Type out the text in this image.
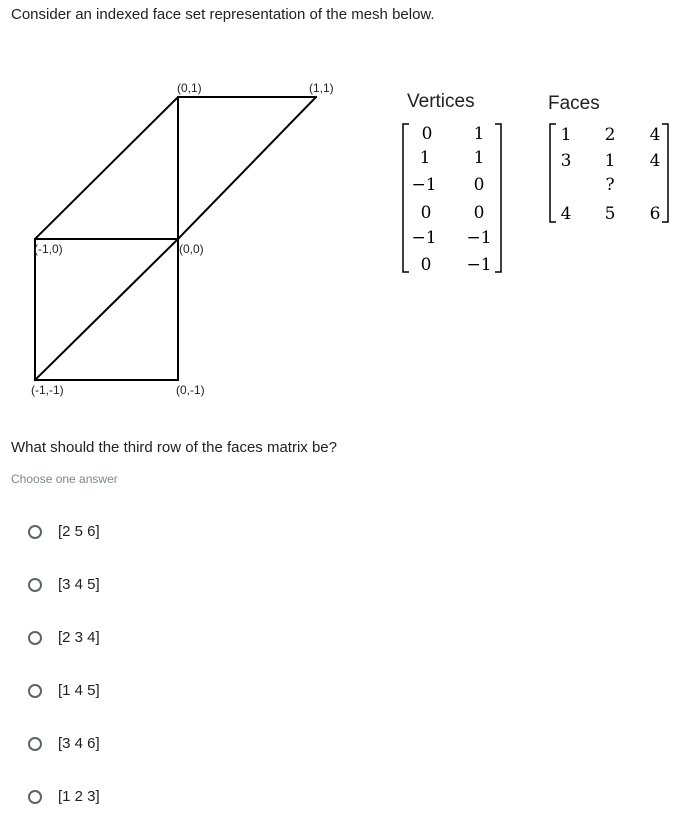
Consider an indexed face set representation of the mesh below.

(0,1)	(1,1)
(-1,0)	(0,0)
(-1,-1)	(0,-1)
Vertices	Faces
0 1
1	1
−1 0
0 0
−1 −1
0 −1
1 2 4
3 1 4
?
4 5 6

What should the third row of the faces matrix be?

Choose one answer
[2 5 6]
[3 4 5]
[2 3 4]
[1 4 5]
[3 4 6]
[1 2 3]
